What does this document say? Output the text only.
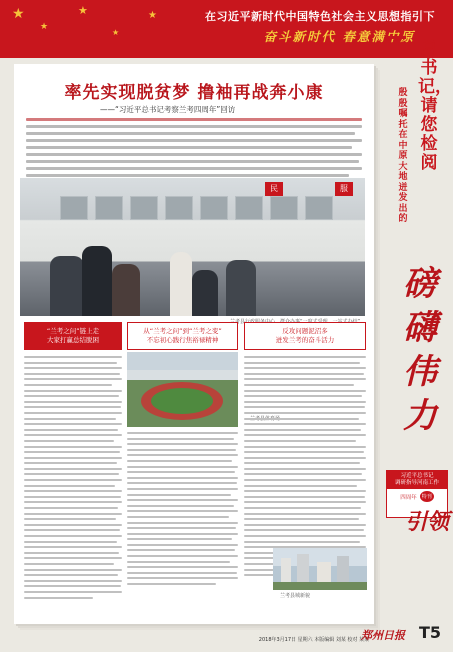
★
★
★
★
★	在习近平新时代中国特色社会主义思想指引下
奋斗新时代 春意满中原
率先实现脱贫梦 撸袖再战奔小康
——“习近平总书记考察兰考四周年”回访
民	服
“兰考之问”链上走
大家打赢总结脱困
从“兰考之问”到“兰考之变”
不忘初心践行焦裕禄精神
反攻问题泥沼多
迸发兰考的奋斗活力
兰考县城新貌
总书记，请您检阅
殷殷嘱托在中原大地迸发出的
磅礴伟力
习近平总书记
调研指导河南工作
四周年	特刊
引领
2018年3月17日 星期六 本版编辑 刘某 校对 某某
郑州日报 T5
